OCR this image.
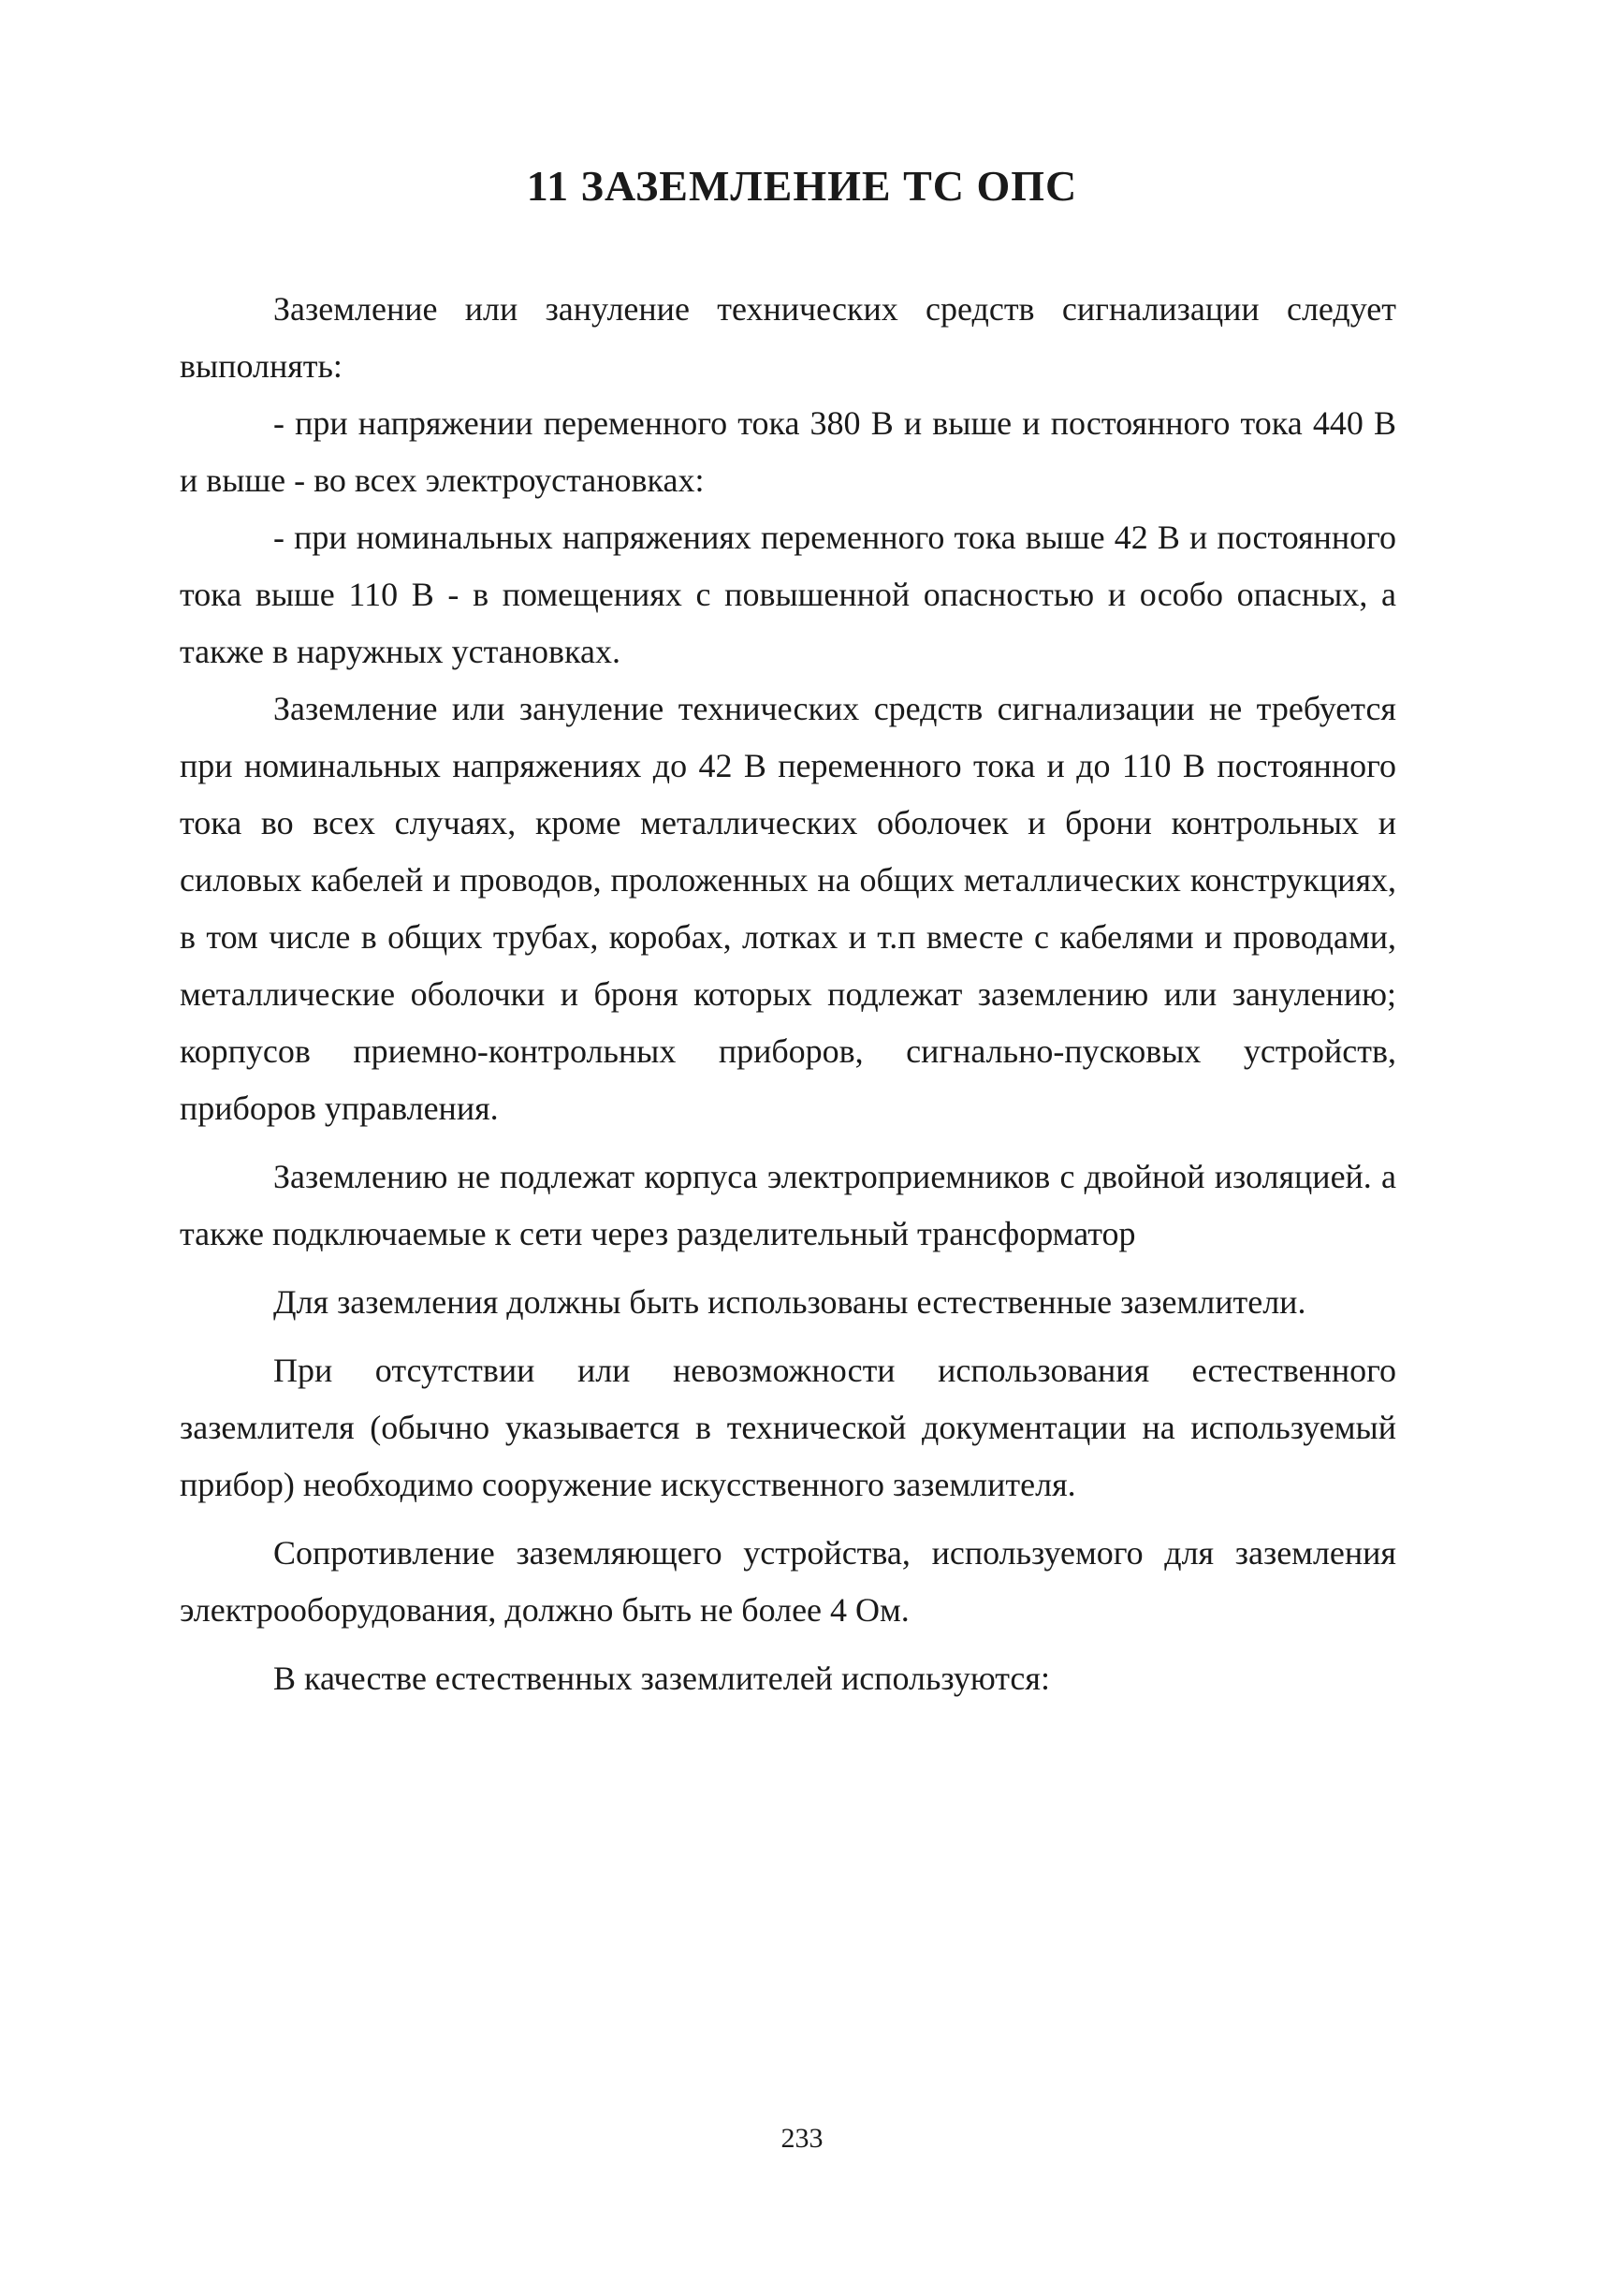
11 ЗАЗЕМЛЕНИЕ ТС ОПС

Заземление или зануление технических средств сигнализации следует выполнять:

- при напряжении переменного тока 380 В и выше и постоянного тока 440 В и выше - во всех электроустановках:

- при номинальных напряжениях переменного тока выше 42 В и постоянного тока выше 110 В - в помещениях с повышенной опасностью и особо опасных, а также в наружных установках.

Заземление или зануление технических средств сигнализации не требуется при номинальных напряжениях до 42 В переменного тока и до 110 В постоянного тока во всех случаях, кроме металлических оболочек и брони контрольных и силовых кабелей и проводов, проложенных на общих металлических конструкциях, в том числе в общих трубах, коробах, лотках и т.п вместе с кабелями и проводами, металлические оболочки и броня которых подлежат заземлению или занулению; корпусов приемно-контрольных приборов, сигнально-пусковых устройств, приборов управления.

Заземлению не подлежат корпуса электроприемников с двойной изоляцией. а также подключаемые к сети через разделительный трансформатор

Для заземления должны быть использованы естественные заземлители.

При отсутствии или невозможности использования естественного заземлителя (обычно указывается в технической документации на используемый прибор) необходимо сооружение искусственного заземлителя.

Сопротивление заземляющего устройства, используемого для заземления электрооборудования, должно быть не более 4 Ом.

В качестве естественных заземлителей используются:

233
